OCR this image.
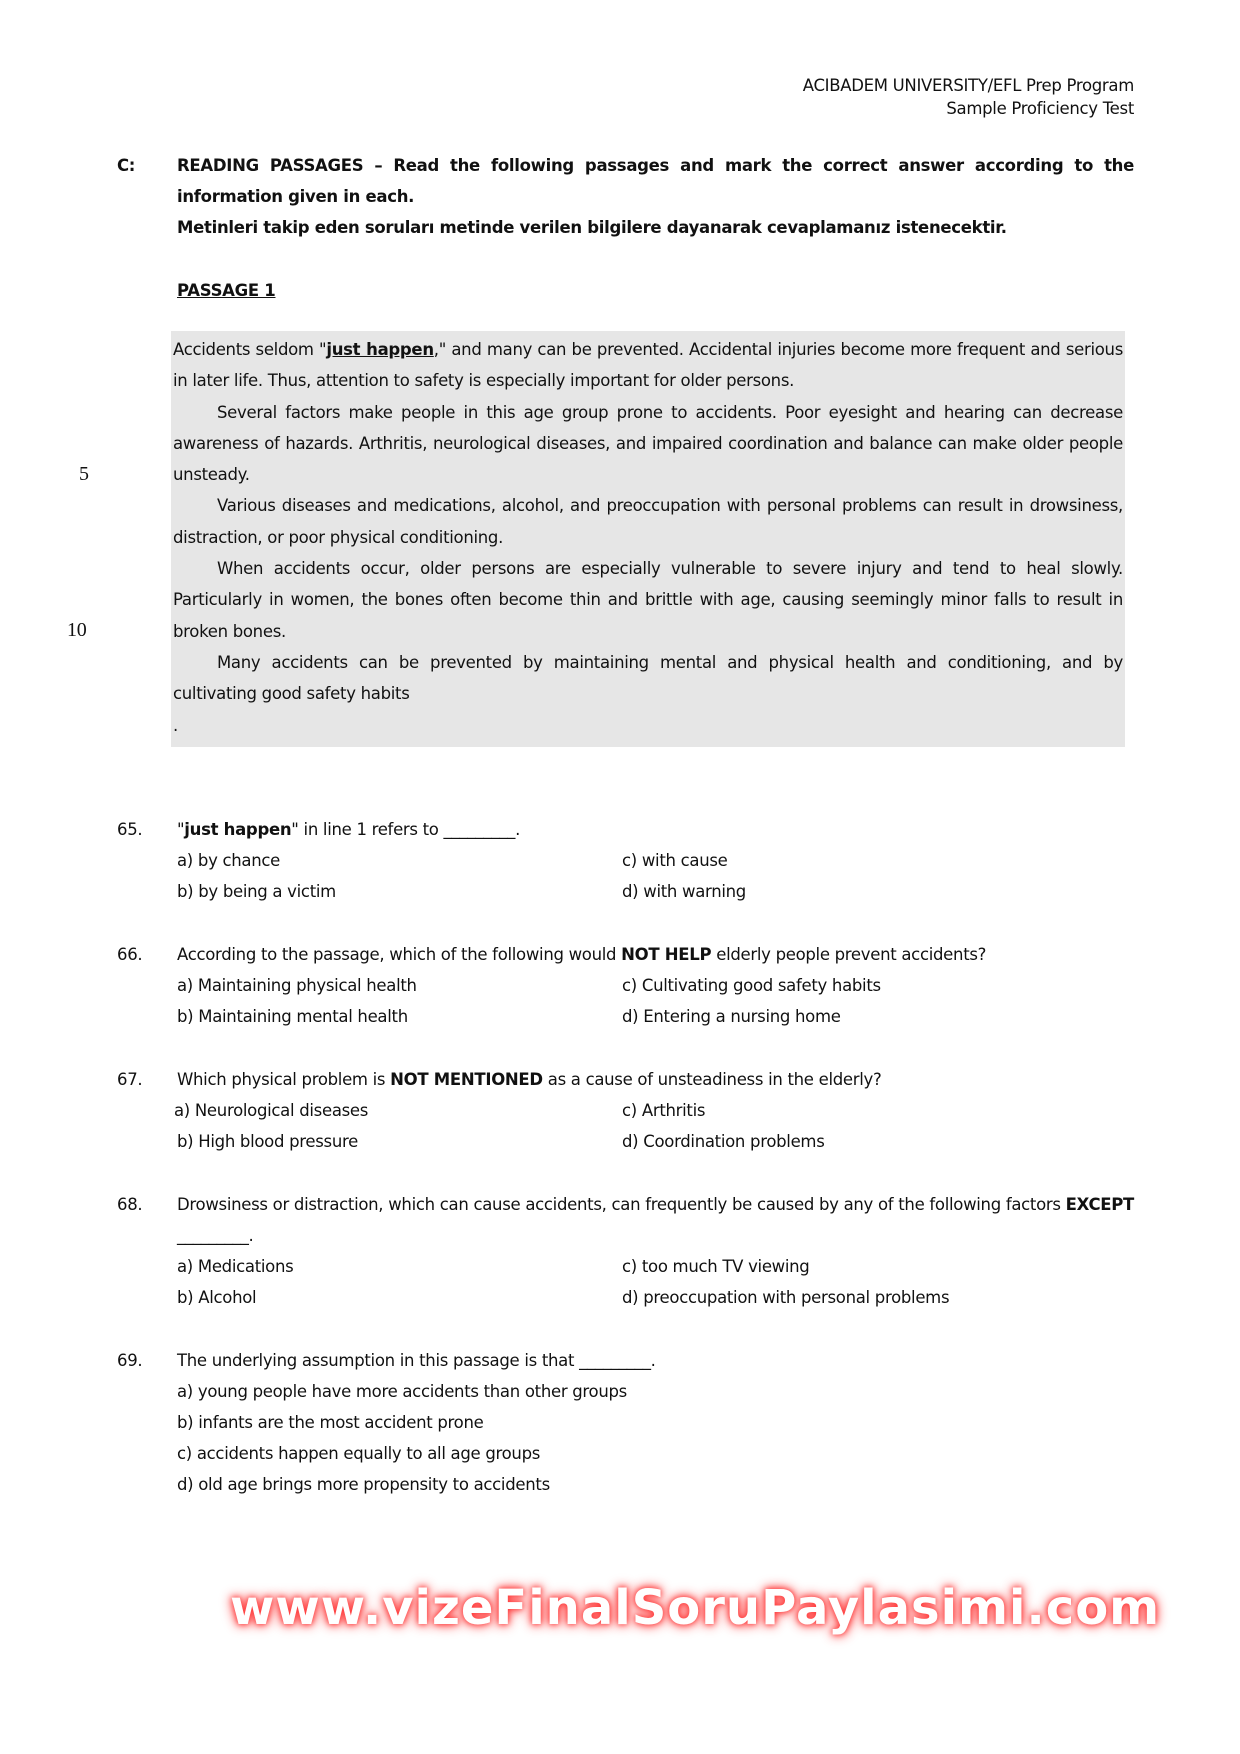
ACIBADEM UNIVERSITY/EFL Prep Program
Sample Proficiency Test
C:	READING PASSAGES – Read the following passages and mark the correct answer according to the information given in each.
Metinleri takip eden soruları metinde verilen bilgilere dayanarak cevaplamanız istenecektir.
PASSAGE 1
5
10

Accidents seldom "just happen," and many can be prevented. Accidental injuries become more frequent and serious in later life. Thus, attention to safety is especially important for older persons.

Several factors make people in this age group prone to accidents. Poor eyesight and hearing can decrease awareness of hazards. Arthritis, neurological diseases, and impaired coordination and balance can make older people unsteady.

Various diseases and medications, alcohol, and preoccupation with personal problems can result in drowsiness, distraction, or poor physical conditioning.

When accidents occur, older persons are especially vulnerable to severe injury and tend to heal slowly. Particularly in women, the bones often become thin and brittle with age, causing seemingly minor falls to result in broken bones.

Many accidents can be prevented by maintaining mental and physical health and conditioning, and by cultivating good safety habits

.

65.	"just happen" in line 1 refers to _________.
a) by chance	c) with cause
b) by being a victim	d) with warning
66.	According to the passage, which of the following would NOT HELP elderly people prevent accidents?
a) Maintaining physical health	c) Cultivating good safety habits
b) Maintaining mental health	d) Entering a nursing home
67.	Which physical problem is NOT MENTIONED as a cause of unsteadiness in the elderly?
a) Neurological diseases	c) Arthritis
b) High blood pressure	d) Coordination problems
68.	Drowsiness or distraction, which can cause accidents, can frequently be caused by any of the following factors EXCEPT _________.
a) Medications	c) too much TV viewing
b) Alcohol	d) preoccupation with personal problems
69.	The underlying assumption in this passage is that _________.
a) young people have more accidents than other groups
b) infants are the most accident prone
c) accidents happen equally to all age groups
d) old age brings more propensity to accidents
www.vizeFinalSoruPaylasimi.com
